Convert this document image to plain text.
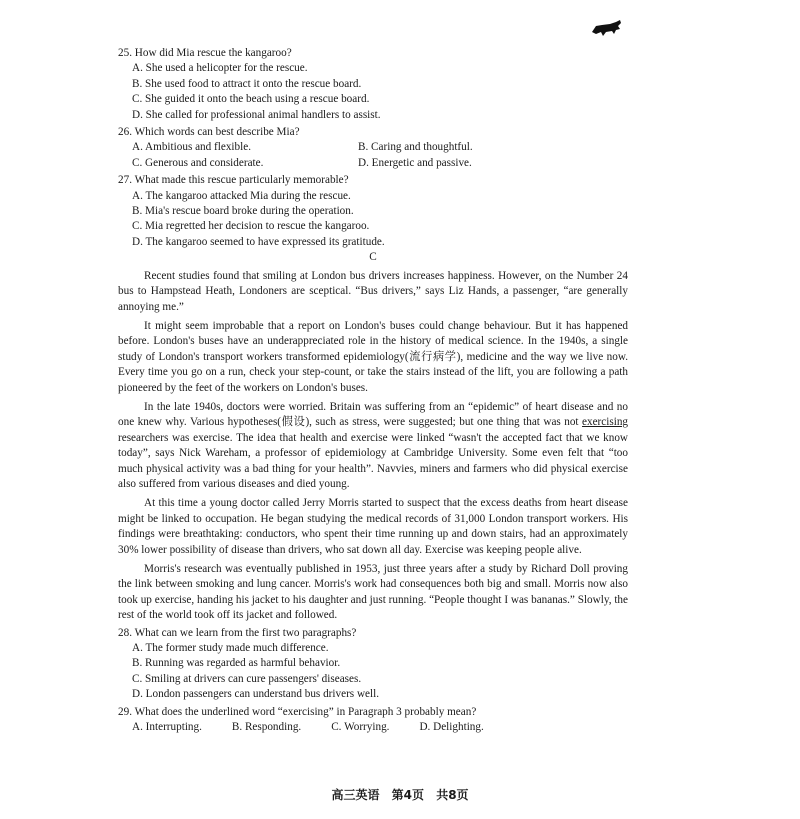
25. How did Mia rescue the kangaroo?

A. She used a helicopter for the rescue.

B. She used food to attract it onto the rescue board.

C. She guided it onto the beach using a rescue board.

D. She called for professional animal handlers to assist.

26. Which words can best describe Mia?

A. Ambitious and flexible.	B. Caring and thoughtful.
C. Generous and considerate.	D. Energetic and passive.

27. What made this rescue particularly memorable?

A. The kangaroo attacked Mia during the rescue.

B. Mia's rescue board broke during the operation.

C. Mia regretted her decision to rescue the kangaroo.

D. The kangaroo seemed to have expressed its gratitude.

C

Recent studies found that smiling at London bus drivers increases happiness. However, on the Number 24 bus to Hampstead Heath, Londoners are sceptical. “Bus drivers,” says Liz Hands, a passenger, “are generally annoying me.”

It might seem improbable that a report on London's buses could change behaviour. But it has happened before. London's buses have an underappreciated role in the history of medical science. In the 1940s, a single study of London's transport workers transformed epidemiology(流行病学), medicine and the way we live now. Every time you go on a run, check your step-count, or take the stairs instead of the lift, you are following a path pioneered by the feet of the workers on London's buses.

In the late 1940s, doctors were worried. Britain was suffering from an “epidemic” of heart disease and no one knew why. Various hypotheses(假设), such as stress, were suggested; but one thing that was not exercising researchers was exercise. The idea that health and exercise were linked “wasn't the accepted fact that we know today”, says Nick Wareham, a professor of epidemiology at Cambridge University. Some even felt that “too much physical activity was a bad thing for your health”. Navvies, miners and farmers who did physical exercise also suffered from various diseases and died young.

At this time a young doctor called Jerry Morris started to suspect that the excess deaths from heart disease might be linked to occupation. He began studying the medical records of 31,000 London transport workers. His findings were breathtaking: conductors, who spent their time running up and down stairs, had an approximately 30% lower possibility of disease than drivers, who sat down all day. Exercise was keeping people alive.

Morris's research was eventually published in 1953, just three years after a study by Richard Doll proving the link between smoking and lung cancer. Morris's work had consequences both big and small. Morris now also took up exercise, handing his jacket to his daughter and just running. “People thought I was bananas.” Slowly, the rest of the world took off its jacket and followed.

28. What can we learn from the first two paragraphs?

A. The former study made much difference.

B. Running was regarded as harmful behavior.

C. Smiling at drivers can cure passengers' diseases.

D. London passengers can understand bus drivers well.

29. What does the underlined word “exercising” in Paragraph 3 probably mean?

A. Interrupting.	B. Responding.	C. Worrying.	D. Delighting.
高三英语 第4页 共8页
